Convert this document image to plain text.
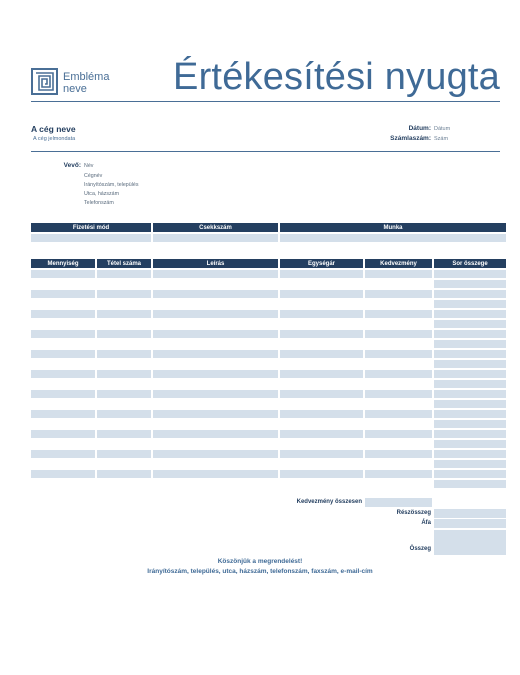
Embléma
neve	Értékesítési nyugta
A cég neve
A cég jelmondata
Dátum: Dátum
Számlaszám: Szám
Vevő: Név
Cégnév
Irányítószám, település
Utca, házszám
Telefonszám
Fizetési mód	Csekkszám	Munka
Mennyiség	Tétel száma	Leírás	Egységár	Kedvezmény	Sor összege
Kedvezmény összesen
Részösszeg
Áfa
Összeg
Köszönjük a megrendelést!
Irányítószám, település, utca, házszám, telefonszám, faxszám, e-mail-cím
